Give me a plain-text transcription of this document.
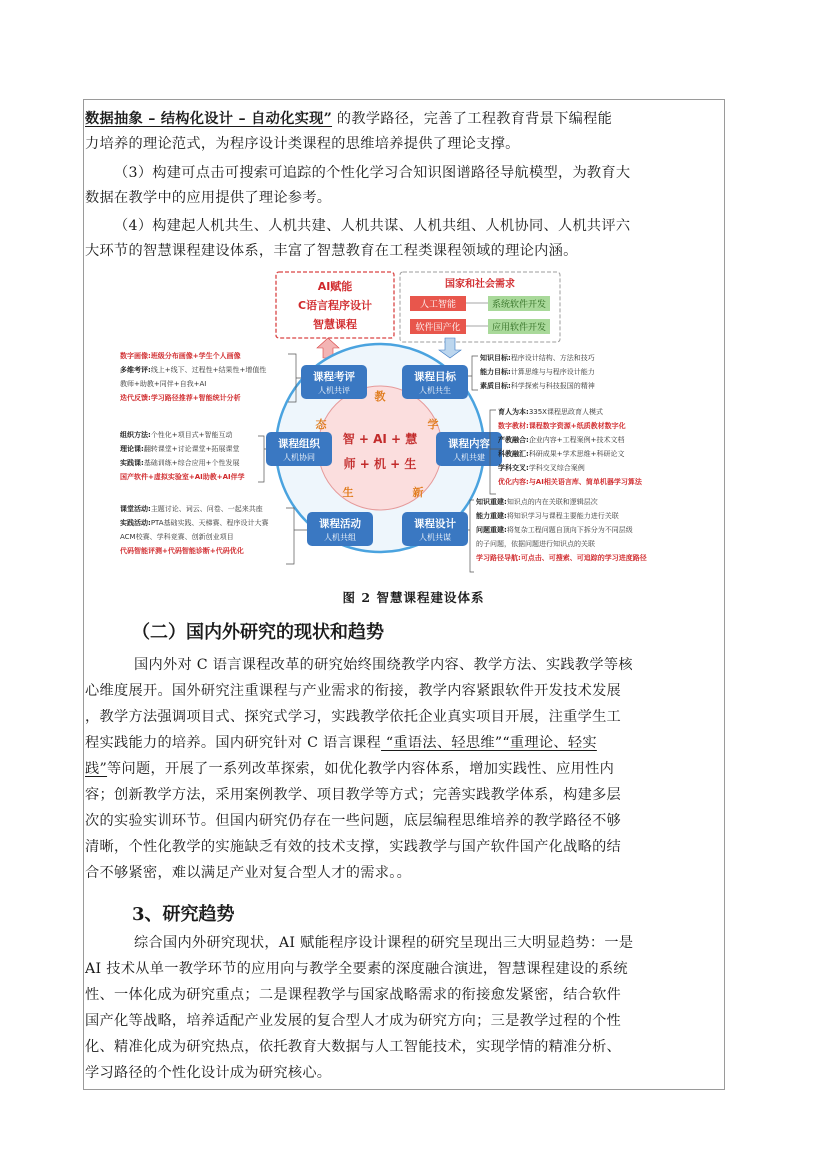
数据抽象 – 结构化设计 – 自动化实现” 的教学路径，完善了工程教育背景下编程能
力培养的理论范式，为程序设计类课程的思维培养提供了理论支撑。
（3）构建可点击可搜索可追踪的个性化学习合知识图谱路径导航模型，为教育大
数据在教学中的应用提供了理论参考。
（4）构建起人机共生、人机共建、人机共谋、人机共组、人机协同、人机共评六
大环节的智慧课程建设体系，丰富了智慧教育在工程类课程领域的理论内涵。
AI赋能
C语言程序设计
智慧课程
国家和社会需求
人工智能
软件国产化
系统软件开发
应用软件开发
智 + AI + 慧
师 + 机 + 生
教
学
态
生	新
课程考评
人机共评
课程目标
人机共生
课程组织
人机协同
课程内容
人机共建
课程活动
人机共组
课程设计
人机共谋
数字画像:班级分布画像+学生个人画像
多维考评:线上+线下、过程性+结果性+增值性
教师+助教+同伴+自我+AI
迭代反馈:学习路径推荐+智能统计分析
组织方法:个性化+项目式+智能互动
理论课:翻转课堂+讨论课堂+拓展课堂
实践课:基础训练+综合应用+个性发展
国产软件+虚拟实验室+AI助教+AI伴学
课堂活动:主题讨论、词云、问卷、一起来共座
实践活动:PTA基础实践、天梯赛、程序设计大赛
ACM校赛、学科竞赛、创新创业项目
代码智能评测+代码智能诊断+代码优化
知识目标:程序设计结构、方法和技巧
能力目标:计算思维与与程序设计能力
素质目标:科学探索与科技报国的精神
育人为本:335X课程思政育人模式
数字教材:课程数字资源+纸质教材数字化
产教融合:企业内容+工程案例+技术文档
科教融汇:科研成果+学术思维+科研论文
学科交叉:学科交叉综合案例
优化内容:与AI相关语言库、简单机器学习算法
知识重建:知识点的内在关联和逻辑层次
能力重建:将知识学习与课程主要能力进行关联
问题重建:将复杂工程问题自顶向下拆分为不同层级
的子问题，依据问题进行知识点的关联
学习路径导航:可点击、可搜索、可追踪的学习进度路径
图 2 智慧课程建设体系
（二）国内外研究的现状和趋势
国内外对 C 语言课程改革的研究始终围绕教学内容、教学方法、实践教学等核
心维度展开。国外研究注重课程与产业需求的衔接，教学内容紧跟软件开发技术发展
，教学方法强调项目式、探究式学习，实践教学依托企业真实项目开展，注重学生工
程实践能力的培养。国内研究针对 C 语言课程 “重语法、轻思维”“重理论、轻实
践”等问题，开展了一系列改革探索，如优化教学内容体系，增加实践性、应用性内
容；创新教学方法，采用案例教学、项目教学等方式；完善实践教学体系，构建多层
次的实验实训环节。但国内研究仍存在一些问题，底层编程思维培养的教学路径不够
清晰，个性化教学的实施缺乏有效的技术支撑，实践教学与国产软件国产化战略的结
合不够紧密，难以满足产业对复合型人才的需求。。
3、研究趋势
综合国内外研究现状，AI 赋能程序设计课程的研究呈现出三大明显趋势：一是
AI 技术从单一教学环节的应用向与教学全要素的深度融合演进，智慧课程建设的系统
性、一体化成为研究重点；二是课程教学与国家战略需求的衔接愈发紧密，结合软件
国产化等战略，培养适配产业发展的复合型人才成为研究方向；三是教学过程的个性
化、精准化成为研究热点，依托教育大数据与人工智能技术，实现学情的精准分析、
学习路径的个性化设计成为研究核心。
